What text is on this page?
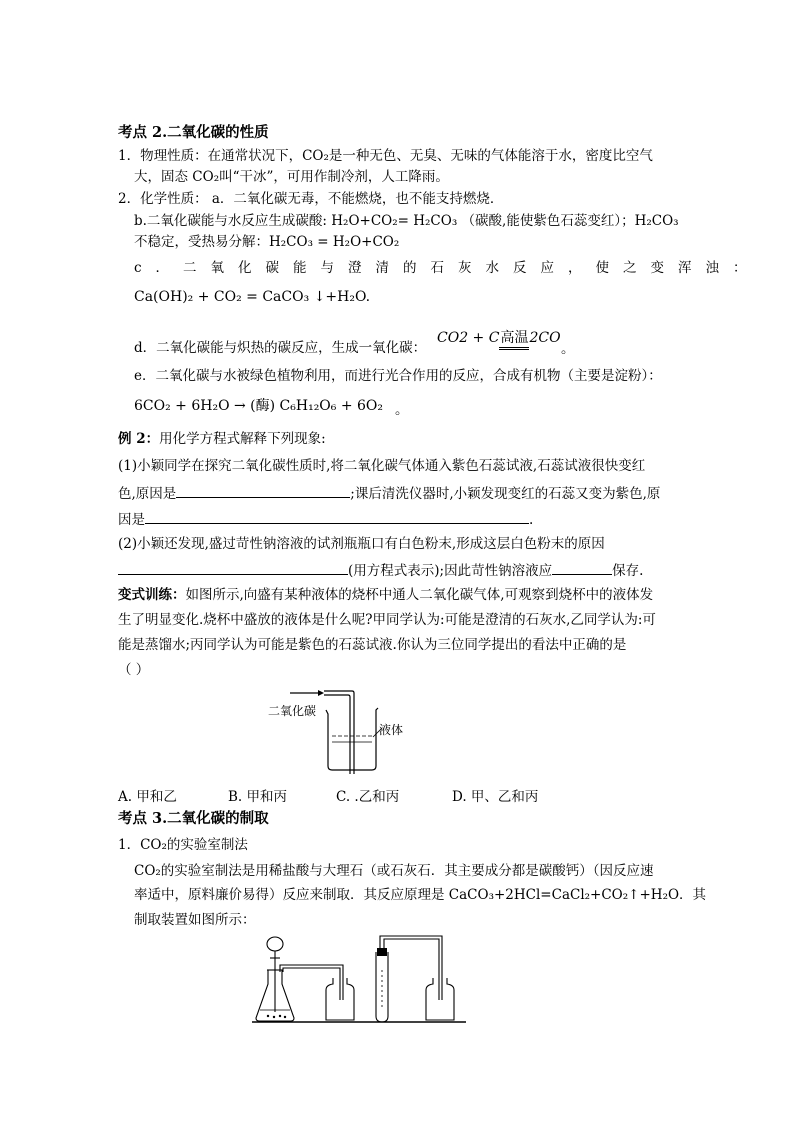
考点 2.二氧化碳的性质
1．物理性质：在通常状况下，CO₂是一种无色、无臭、无味的气体能溶于水，密度比空气
大，固态 CO₂叫“干冰”，可用作制冷剂，人工降雨。
2．化学性质： a．二氧化碳无毒，不能燃烧，也不能支持燃烧．
b.二氧化碳能与水反应生成碳酸: H₂O+CO₂= H₂CO₃ （碳酸,能使紫色石蕊变红）；H₂CO₃
不稳定，受热易分解：H₂CO₃ = H₂O+CO₂
c．二氧化碳能与澄清的石灰水反应，使之变浑浊：
Ca(OH)₂ + CO₂ = CaCO₃ ↓+H₂O.
d．二氧化碳能与炽热的碳反应，生成一氧化碳：
CO2 + C高温2CO
。
e．二氧化碳与水被绿色植物利用，而进行光合作用的反应，合成有机物（主要是淀粉）：
6CO₂ + 6H₂O → (酶) C₆H₁₂O₆ + 6O₂ 。
例 2：用化学方程式解释下列现象:
(1)小颖同学在探究二氧化碳性质时,将二氧化碳气体通入紫色石蕊试液,石蕊试液很快变红
色,原因是	;课后清洗仪器时,小颖发现变红的石蕊又变为紫色,原
因是	.
(2)小颖还发现,盛过苛性钠溶液的试剂瓶瓶口有白色粉末,形成这层白色粉末的原因
(用方程式表示);因此苛性钠溶液应	保存.
变式训练：如图所示,向盛有某种液体的烧杯中通人二氧化碳气体,可观察到烧杯中的液体发
生了明显变化.烧杯中盛放的液体是什么呢?甲同学认为:可能是澄清的石灰水,乙同学认为:可
能是蒸馏水;丙同学认为可能是紫色的石蕊试液.你认为三位同学提出的看法中正确的是
（ ）
二氧化碳
液体
A. 甲和乙	B. 甲和丙	C. .乙和丙	D. 甲、乙和丙
考点 3.二氧化碳的制取
1．CO₂的实验室制法
CO₂的实验室制法是用稀盐酸与大理石（或石灰石．其主要成分都是碳酸钙）（因反应速
率适中，原料廉价易得）反应来制取．其反应原理是 CaCO₃+2HCl=CaCl₂+CO₂↑+H₂O．其
制取装置如图所示：
